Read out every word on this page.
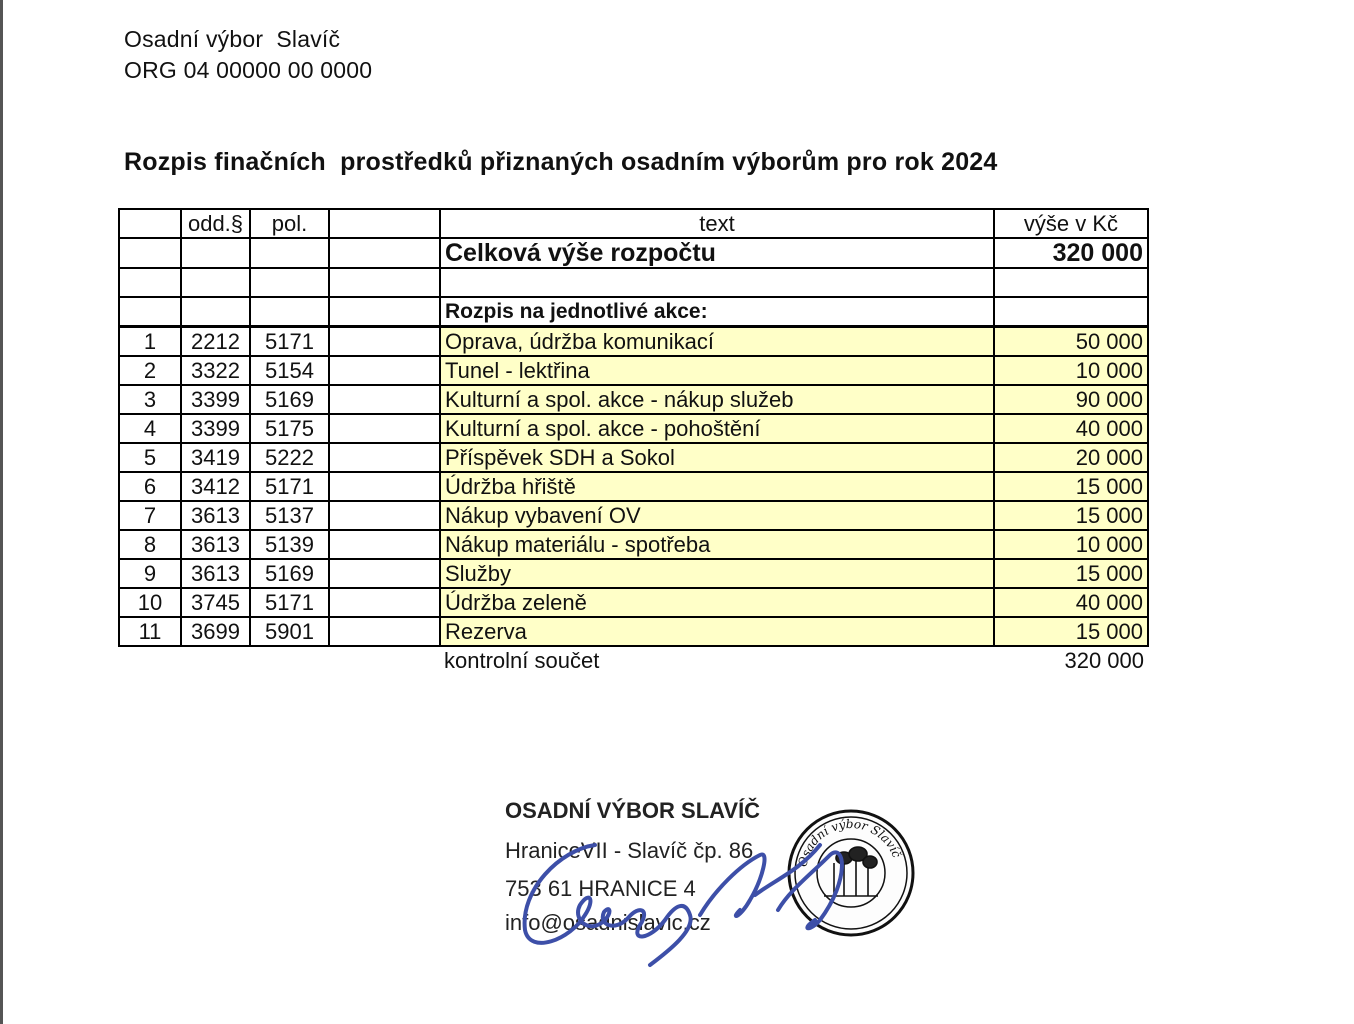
Osadní výbor  Slavíč
ORG 04 00000 00 0000
Rozpis finačních  prostředků přiznaných osadním výborům pro rok 2024
	odd.§	pol.		text	výše v Kč
				Celková výše rozpočtu	320 000

				Rozpis na jednotlivé akce:	
1	2212	5171		Oprava, údržba komunikací	50 000
2	3322	5154		Tunel - lektřina	10 000
3	3399	5169		Kulturní a spol. akce - nákup služeb	90 000
4	3399	5175		Kulturní a spol. akce - pohoštění	40 000
5	3419	5222		Příspěvek SDH a Sokol	20 000
6	3412	5171		Údržba hřiště	15 000
7	3613	5137		Nákup vybavení OV	15 000
8	3613	5139		Nákup materiálu - spotřeba	10 000
9	3613	5169		Služby	15 000
10	3745	5171		Údržba zeleně	40 000
11	3699	5901		Rezerva	15 000
				kontrolní součet	320 000
OSADNÍ VÝBOR SLAVÍČ
HraniceVII - Slavíč čp. 86
753 61 HRANICE 4
info@osadnislavic.cz
Osadní výbor Slavíč
